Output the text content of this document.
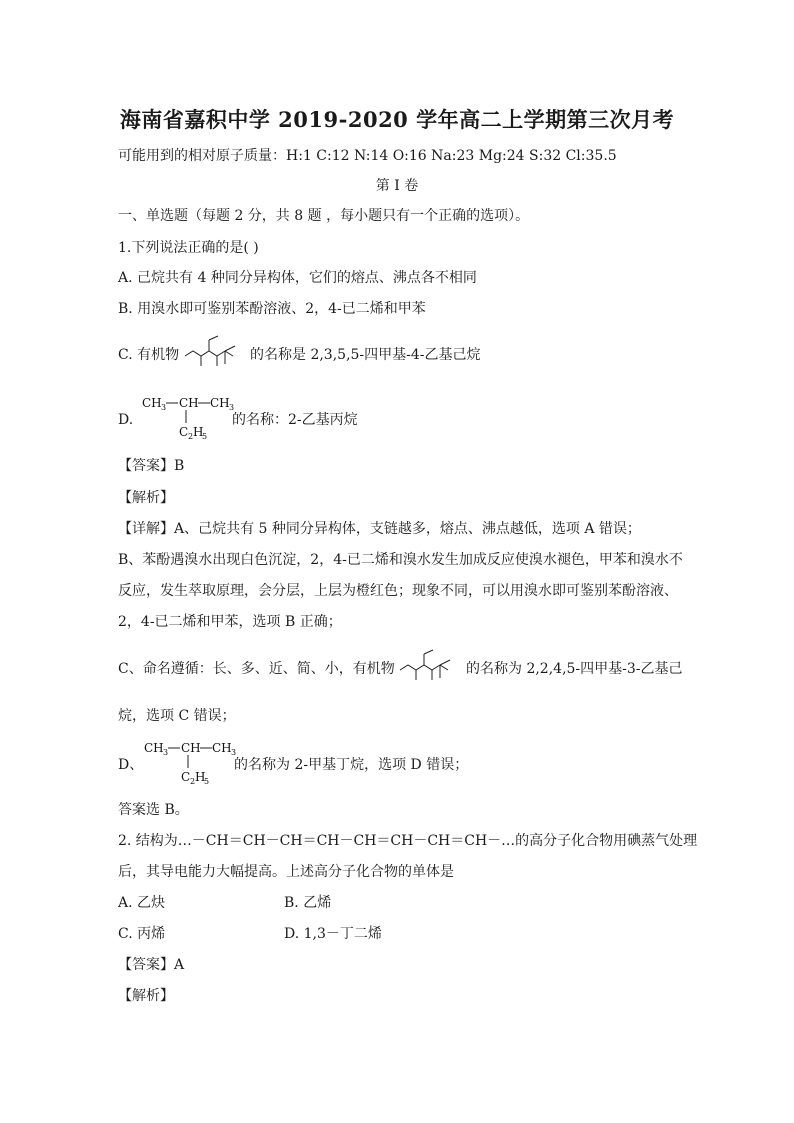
海南省嘉积中学 2019-2020 学年高二上学期第三次月考
可能用到的相对原子质量：H:1 C:12 N:14 O:16 Na:23 Mg:24 S:32 Cl:35.5
第 I 卷
一、单选题（每题 2 分，共 8 题 ，每小题只有一个正确的选项）。
1.下列说法正确的是( )
A. 己烷共有 4 种同分异构体，它们的熔点、沸点各不相同
B. 用溴水即可鉴别苯酚溶液、2，4-已二烯和甲苯
C. 有机物	的名称是 2,3,5,5-四甲基-4-乙基己烷
D.
CH 3 CH CH 3
C 2 H
5
的名称：2-乙基丙烷
【答案】B
【解析】
【详解】A、己烷共有 5 种同分异构体，支链越多，熔点、沸点越低，选项 A 错误；
B、苯酚遇溴水出现白色沉淀，2，4-已二烯和溴水发生加成反应使溴水褪色，甲苯和溴水不
反应，发生萃取原理，会分层，上层为橙红色；现象不同，可以用溴水即可鉴别苯酚溶液、
2，4-已二烯和甲苯，选项 B 正确；
C、命名遵循：长、多、近、简、小，有机物	的名称为 2,2,4,5-四甲基-3-乙基己
烷，选项 C 错误；
D、
CH 3 CH CH 3
C 2 H
5
的名称为 2-甲基丁烷，选项 D 错误；
答案选 B。
2. 结构为…－CH＝CH－CH＝CH－CH＝CH－CH＝CH－…的高分子化合物用碘蒸气处理
后，其导电能力大幅提高。上述高分子化合物的单体是
A. 乙炔	B. 乙烯
C. 丙烯	D. 1,3－丁二烯
【答案】A
【解析】
